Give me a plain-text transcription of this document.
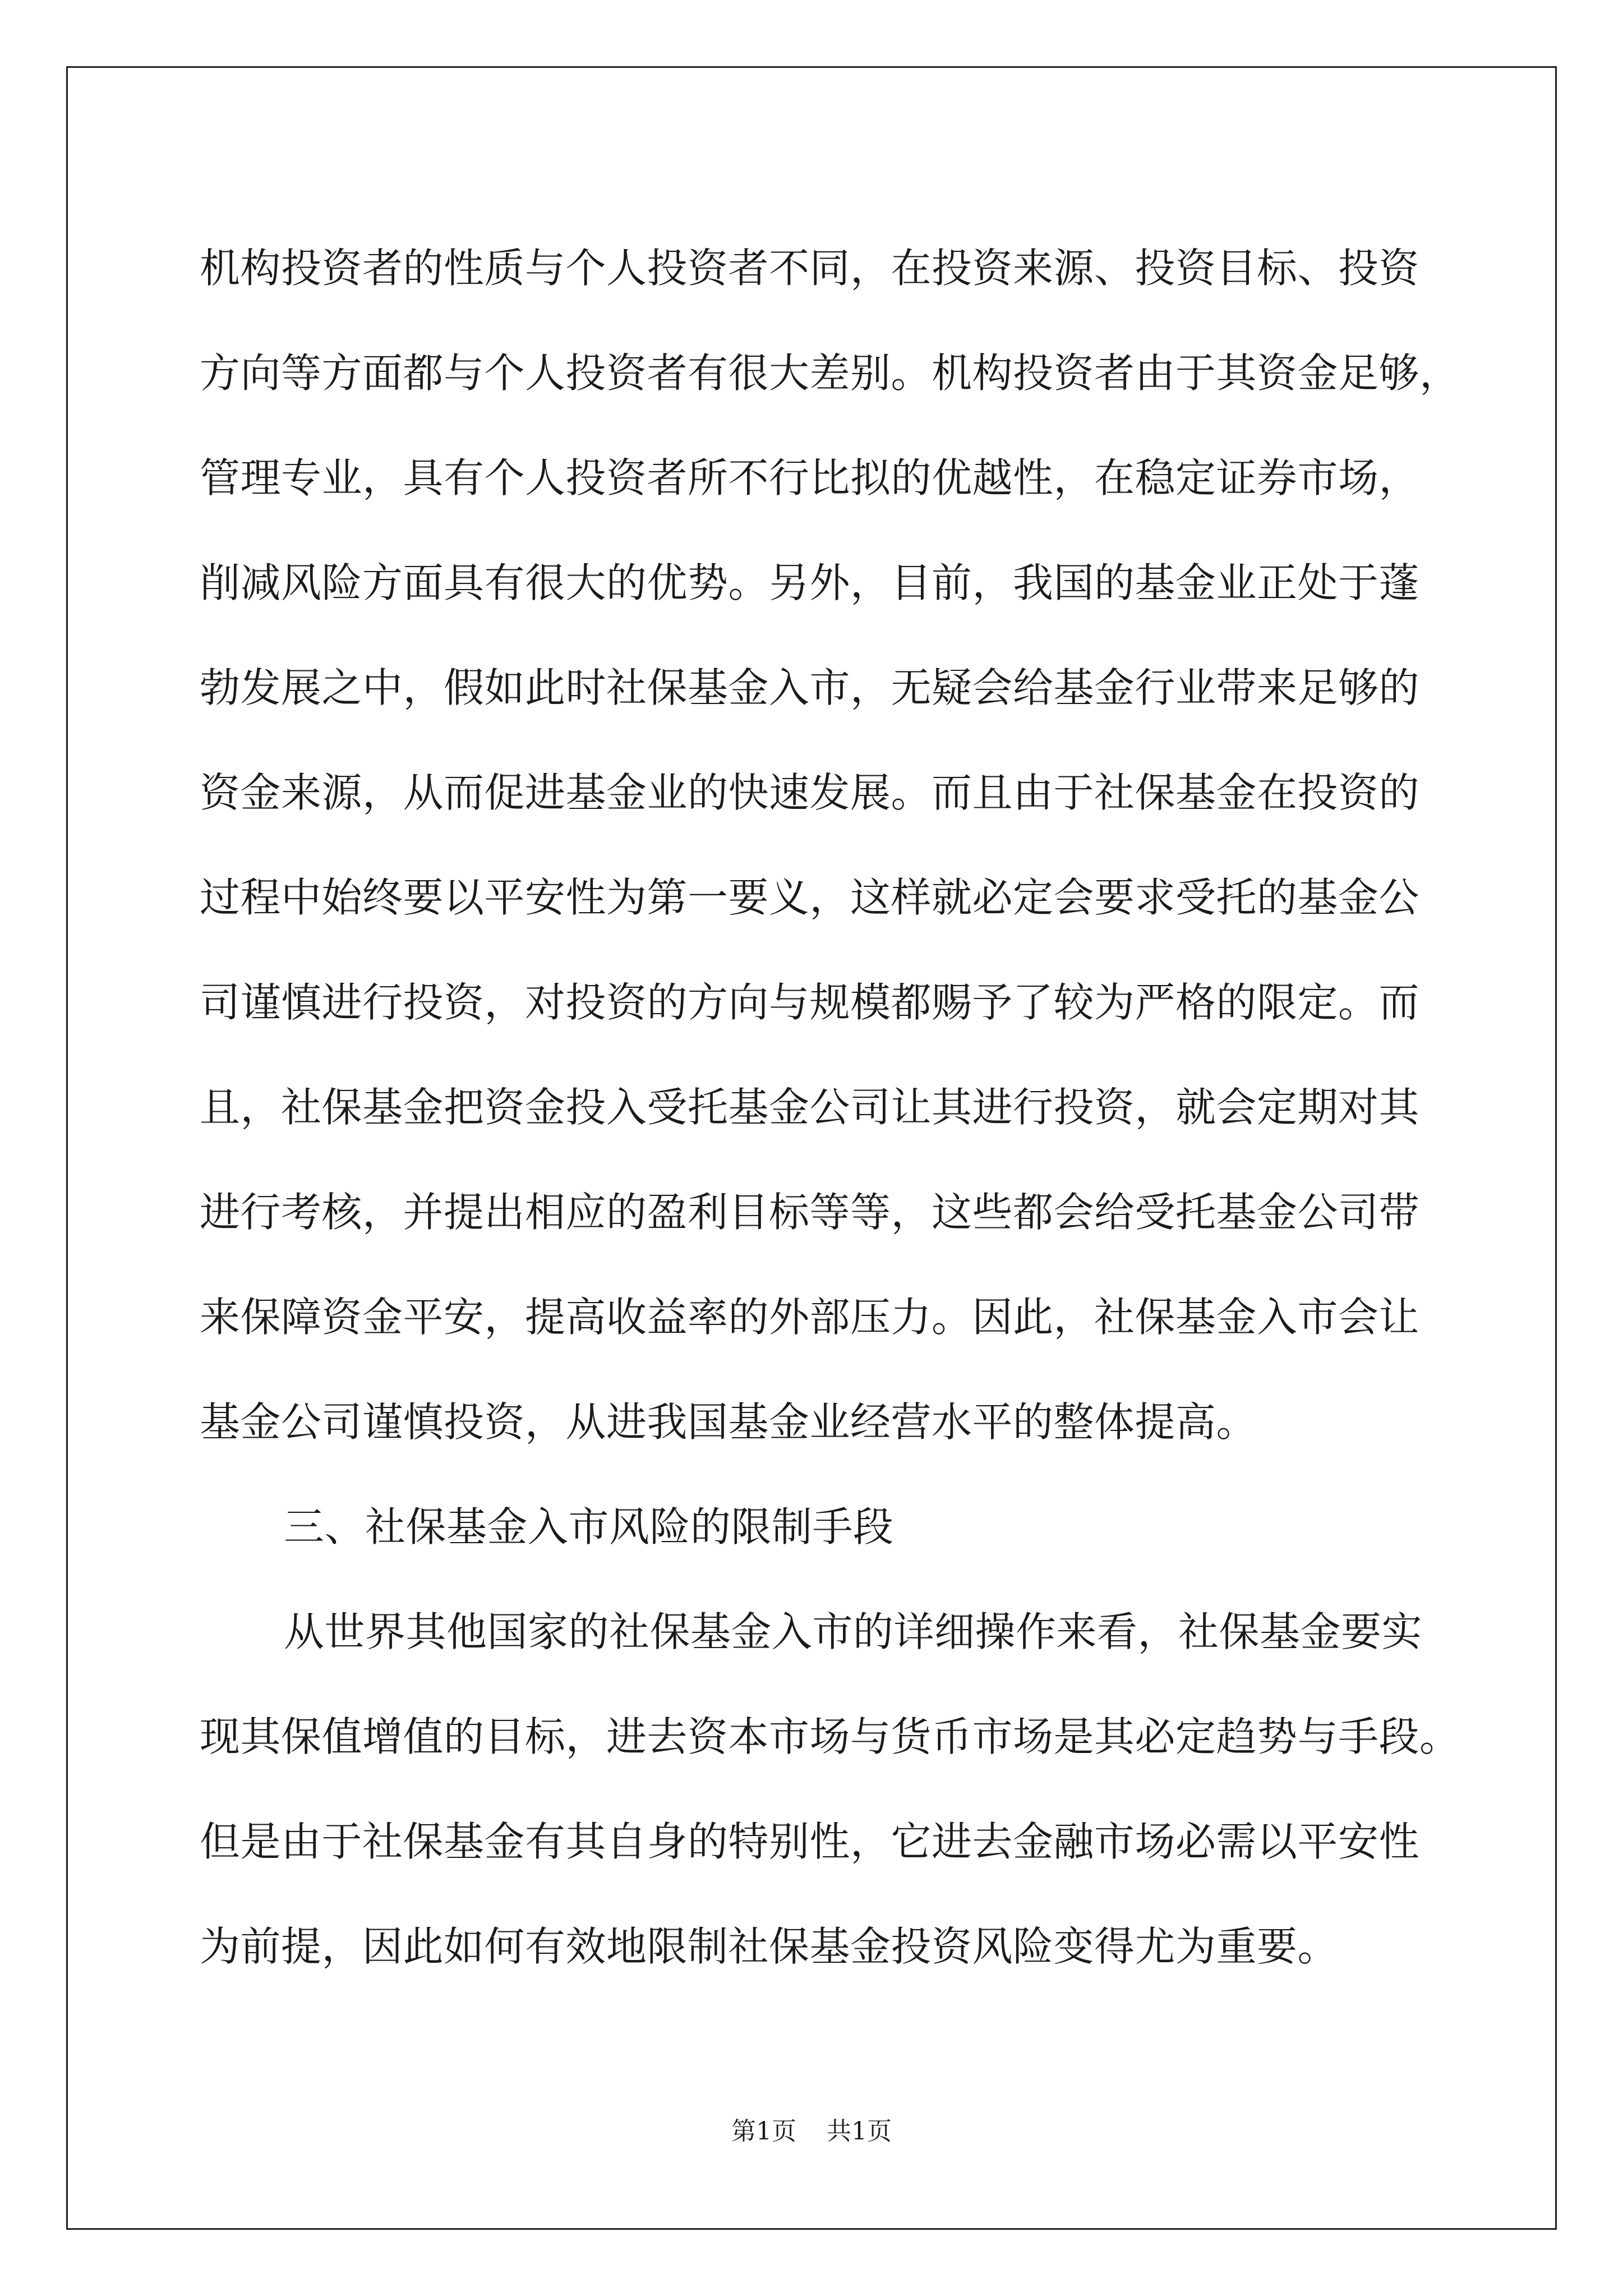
机构投资者的性质与个人投资者不同，在投资来源、投资目标、投资
方向等方面都与个人投资者有很大差别。机构投资者由于其资金足够，
管理专业，具有个人投资者所不行比拟的优越性，在稳定证券市场，
削减风险方面具有很大的优势。另外，目前，我国的基金业正处于蓬
勃发展之中，假如此时社保基金入市，无疑会给基金行业带来足够的
资金来源，从而促进基金业的快速发展。而且由于社保基金在投资的
过程中始终要以平安性为第一要义，这样就必定会要求受托的基金公
司谨慎进行投资，对投资的方向与规模都赐予了较为严格的限定。而
且，社保基金把资金投入受托基金公司让其进行投资，就会定期对其
进行考核，并提出相应的盈利目标等等，这些都会给受托基金公司带
来保障资金平安，提高收益率的外部压力。因此，社保基金入市会让
基金公司谨慎投资，从进我国基金业经营水平的整体提高。
三、社保基金入市风险的限制手段
从世界其他国家的社保基金入市的详细操作来看，社保基金要实
现其保值增值的目标，进去资本市场与货币市场是其必定趋势与手段。
但是由于社保基金有其自身的特别性，它进去金融市场必需以平安性
为前提，因此如何有效地限制社保基金投资风险变得尤为重要。
第1页 共1页
